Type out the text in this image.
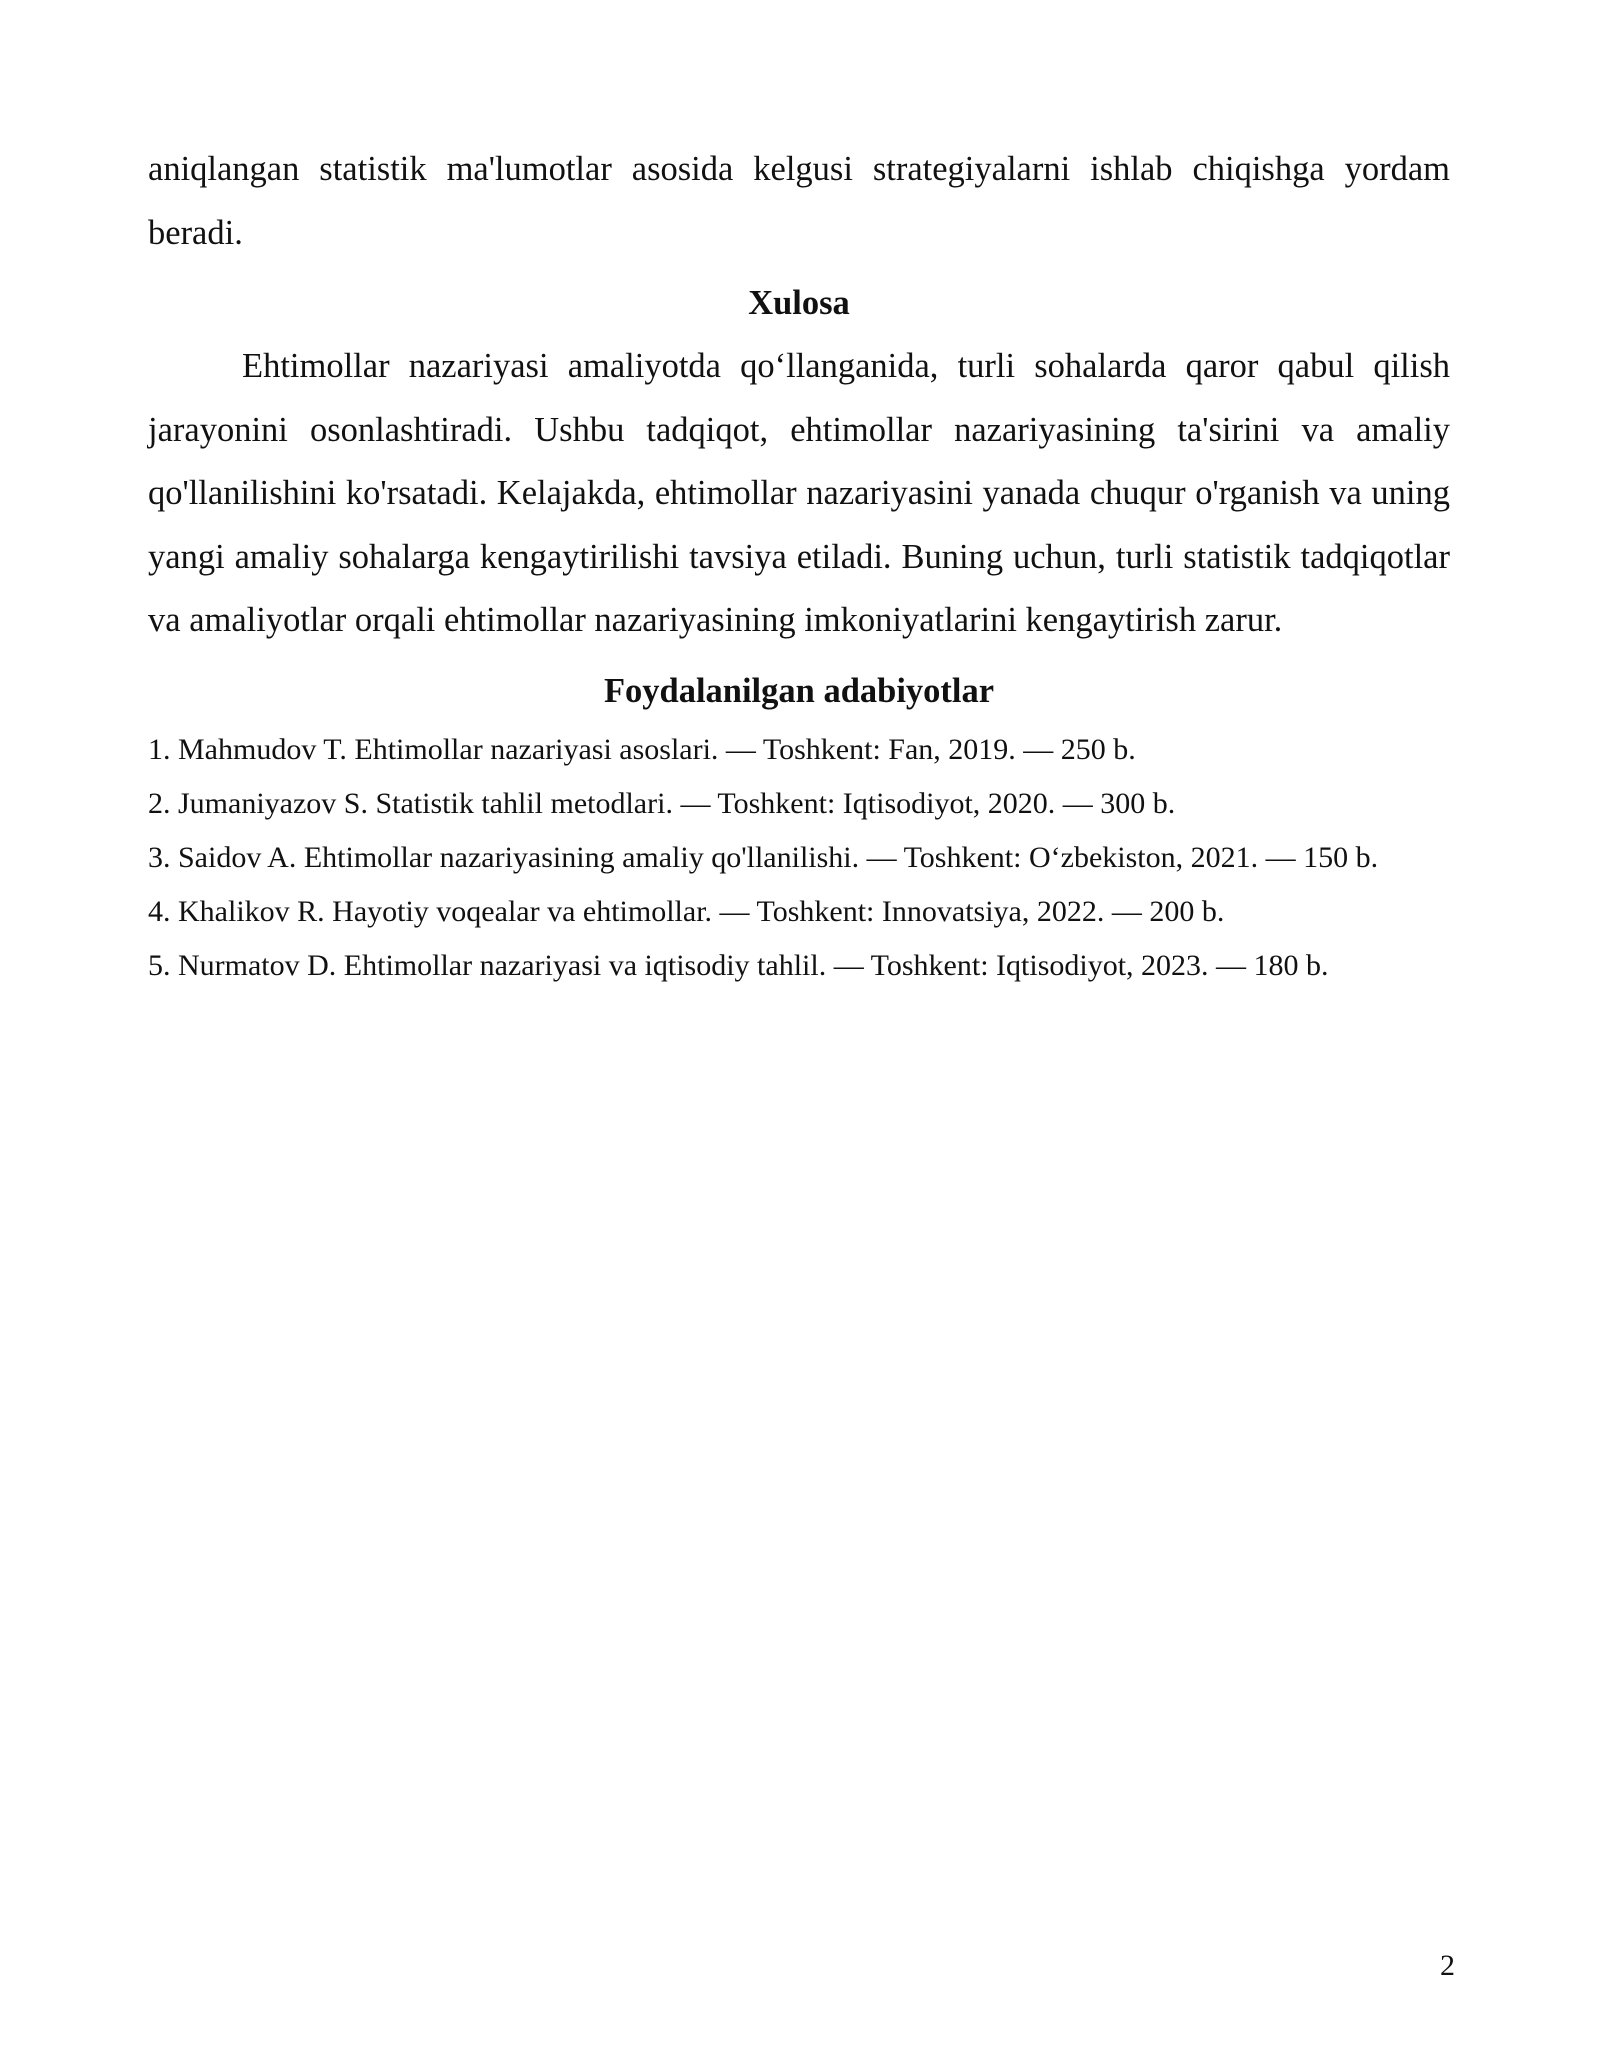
aniqlangan statistik ma'lumotlar asosida kelgusi strategiyalarni ishlab chiqishga yordam beradi.

Xulosa

Ehtimollar nazariyasi amaliyotda qo‘llanganida, turli sohalarda qaror qabul qilish jarayonini osonlashtiradi. Ushbu tadqiqot, ehtimollar nazariyasining ta'sirini va amaliy qo'llanilishini ko'rsatadi. Kelajakda, ehtimollar nazariyasini yanada chuqur o'rganish va uning yangi amaliy sohalarga kengaytirilishi tavsiya etiladi. Buning uchun, turli statistik tadqiqotlar va amaliyotlar orqali ehtimollar nazariyasining imkoniyatlarini kengaytirish zarur.

Foydalanilgan adabiyotlar
1. Mahmudov T. Ehtimollar nazariyasi asoslari. — Toshkent: Fan, 2019. — 250 b.
2. Jumaniyazov S. Statistik tahlil metodlari. — Toshkent: Iqtisodiyot, 2020. — 300 b.
3. Saidov A. Ehtimollar nazariyasining amaliy qo'llanilishi. — Toshkent: O‘zbekiston, 2021. — 150 b.
4. Khalikov R. Hayotiy voqealar va ehtimollar. — Toshkent: Innovatsiya, 2022. — 200 b.
5. Nurmatov D. Ehtimollar nazariyasi va iqtisodiy tahlil. — Toshkent: Iqtisodiyot, 2023. — 180 b.
2
